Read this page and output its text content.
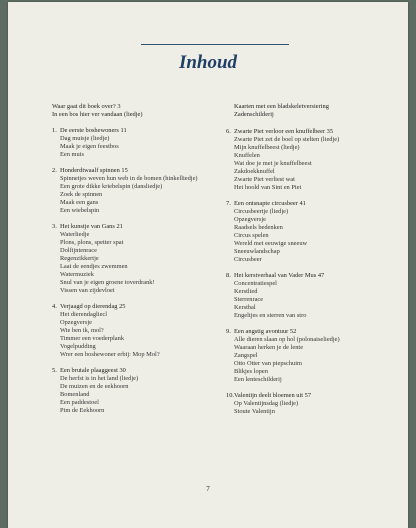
Inhoud
Waar gaat dit boek over? 3
In een bos hier ver vandaan (liedje)
1. De eerste boshewoners 11
Dag muisje (liedje)
Maak je eigen feestbos
Een muis
2. Honderdtwaalf spinnen 15
Spinnetjes weven hun web in de bomen (hinkelliedje)
Een grote dikke kriebelspin (dansliedje)
Zoek de spinnen
Maak een gans
Een wiebelspin
3. Het kunstje van Gans 21
Waterliedje
Plons, plons, spetter spat
Dolfijntenrace
Regenzikkertje
Laat de eendjes zwemmen
Watermuziek
Snul van je eigen groene toverdrank!
Vissen van zijdevloei
4. Verjaagd op dierendag 25
Het dierendagliecl
Opzegversje
Wie ben ik, mol?
Timmer een voederplank
Vogelpudding
Wrer een boshewoner erbij: Mop Mol?
5. Een brutale plaaggeest 30
De herfst is in het land (liedje)
De muizen en de eekhoorn
Bomenland
Een paddestoel
Pim de Eekhoorn
Kaarten met een bladskeletversiering
Zadenschilderij
6. Zwarte Piet verloor een knuffelbeer 35
Zwarte Piet zet de boel op stelten (liedje)
Mijn knuffelbeest (liedje)
Knuffelen
Wat doe je met je knuffelbeest
Zakdoekknuffel
Zwarte Piet verliest wat
Het hoold van Sint en Piet
7. Een ontsnapte circusbeer 41
Circusbeertje (liedje)
Opzegversje
Raadsels bedenken
Circus spelen
Wereld met eeuwige sneeuw
Sneeuwlandschap
Circusbeer
8. Het kerstverhaal van Vader Mus 47
Concentratiespel
Kerstlied
Sterrenrace
Kerstbal
Engeltjes en sterren van stro
9. Een angstig avontuur 52
Alle dieren slaan op hol (polonaiseliedje)
Waaraan herken je de lente
Zangspel
Otto Otter van piepschuim
Blikjes lopen
Een lenteschilderij
10. Valentijn deelt bloemen uit 57
Op Valentijnsdag (liedje)
Stoute Valentijn
7
